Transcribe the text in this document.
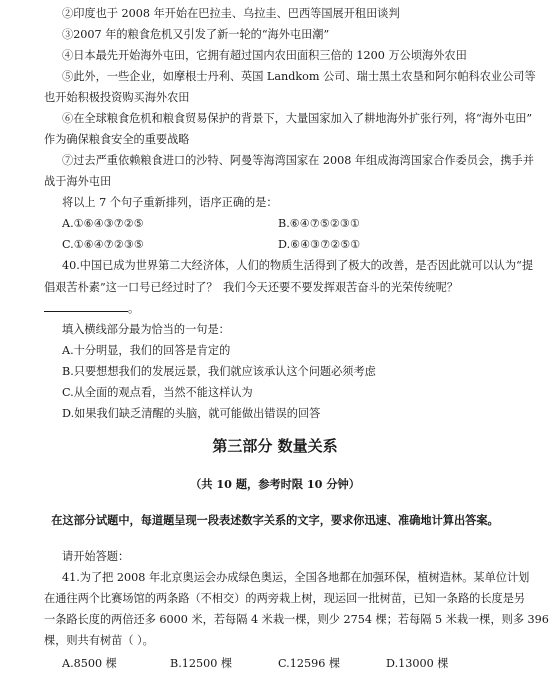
②印度也于 2008 年开始在巴拉圭、乌拉圭、巴西等国展开租田谈判
③2007 年的粮食危机又引发了新一轮的“海外屯田潮”
④日本最先开始海外屯田，它拥有超过国内农田面积三倍的 1200 万公顷海外农田
⑤此外，一些企业，如摩根士丹利、英国 Landkom 公司、瑞士黑土农垦和阿尔帕科农业公司等
也开始积极投资购买海外农田
⑥在全球粮食危机和粮食贸易保护的背景下，大量国家加入了耕地海外扩张行列，将“海外屯田”
作为确保粮食安全的重要战略
⑦过去严重依赖粮食进口的沙特、阿曼等海湾国家在 2008 年组成海湾国家合作委员会，携手并
战于海外屯田
将以上 7 个句子重新排列，语序正确的是：
A.①⑥④③⑦②⑤	B.⑥④⑦⑤②③①
C.①⑥④⑦②③⑤	D.⑥④③⑦②⑤①
40.中国已成为世界第二大经济体，人们的物质生活得到了极大的改善，是否因此就可以认为“提
倡艰苦朴素”这一口号已经过时了？ 我们今天还要不要发挥艰苦奋斗的光荣传统呢？
。
填入横线部分最为恰当的一句是：
A.十分明显，我们的回答是肯定的
B.只要想想我们的发展远景，我们就应该承认这个问题必须考虑
C.从全面的观点看，当然不能这样认为
D.如果我们缺乏清醒的头脑，就可能做出错误的回答
第三部分 数量关系
（共 10 题，参考时限 10 分钟）
在这部分试题中，每道题呈现一段表述数字关系的文字，要求你迅速、准确地计算出答案。
请开始答题：
41.为了把 2008 年北京奥运会办成绿色奥运，全国各地都在加强环保，植树造林。某单位计划
在通往两个比赛场馆的两条路（不相交）的两旁栽上树，现运回一批树苗，已知一条路的长度是另
一条路长度的两倍还多 6000 米，若每隔 4 米栽一棵，则少 2754 棵；若每隔 5 米栽一棵，则多 396
棵，则共有树苗（ ）。
A.8500 棵	B.12500 棵	C.12596 棵	D.13000 棵
